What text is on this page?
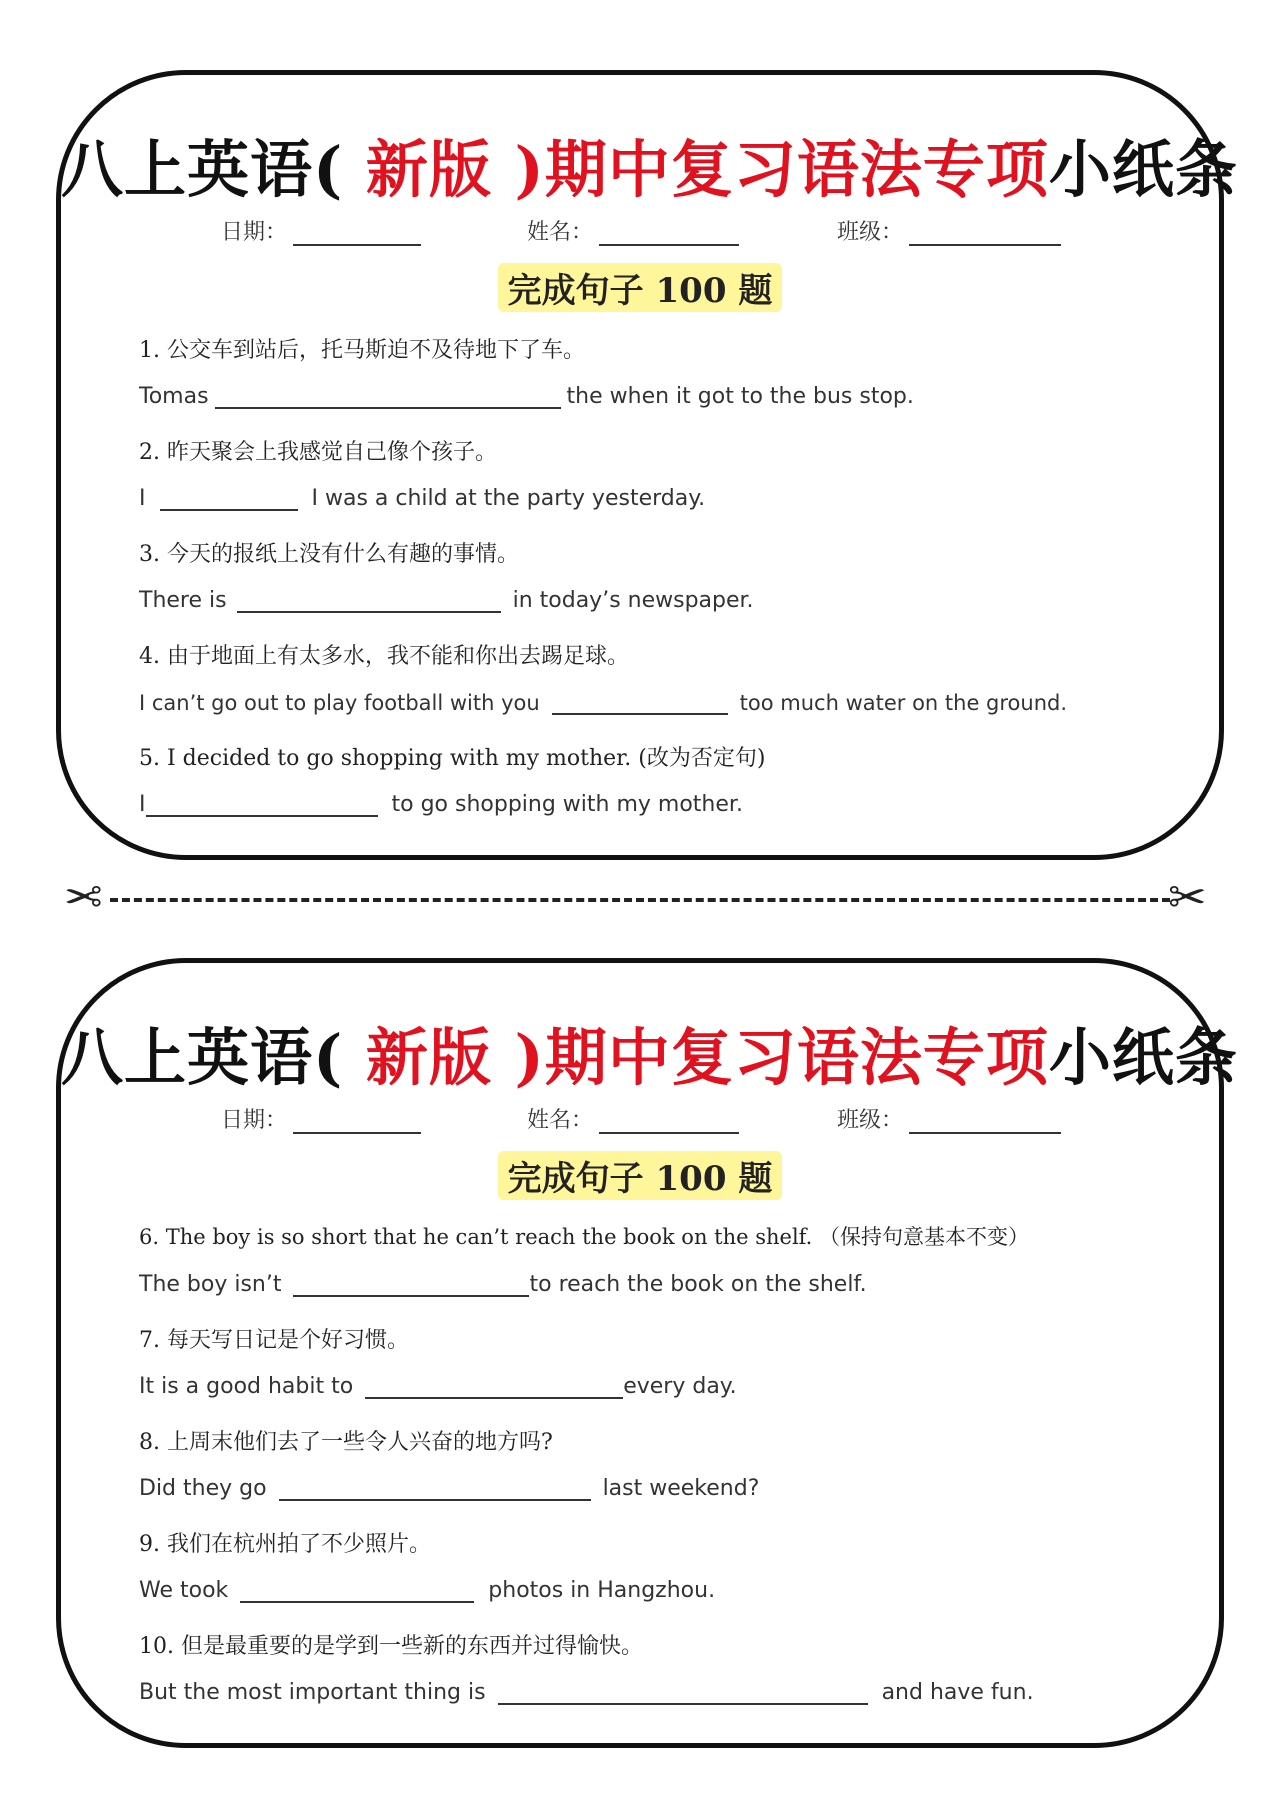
八上英语( 新版 )期中复习语法专项小纸条
日期：	姓名：	班级：
完成句子 100 题
1. 公交车到站后，托马斯迫不及待地下了车。
Tomas	the when it got to the bus stop.
2. 昨天聚会上我感觉自己像个孩子。
I	I was a child at the party yesterday.
3. 今天的报纸上没有什么有趣的事情。
There is	in today’s newspaper.
4. 由于地面上有太多水，我不能和你出去踢足球。
I can’t go out to play football with you	too much water on the ground.
5. I decided to go shopping with my mother. (改为否定句)
I	to go shopping with my mother.
✂	✂
八上英语( 新版 )期中复习语法专项小纸条
日期：	姓名：	班级：
完成句子 100 题
6. The boy is so short that he can’t reach the book on the shelf. （保持句意基本不变）
The boy isn’t	to reach the book on the shelf.
7. 每天写日记是个好习惯。
It is a good habit to	every day.
8. 上周末他们去了一些令人兴奋的地方吗?
Did they go	last weekend?
9. 我们在杭州拍了不少照片。
We took	photos in Hangzhou.
10. 但是最重要的是学到一些新的东西并过得愉快。
But the most important thing is	and have fun.
